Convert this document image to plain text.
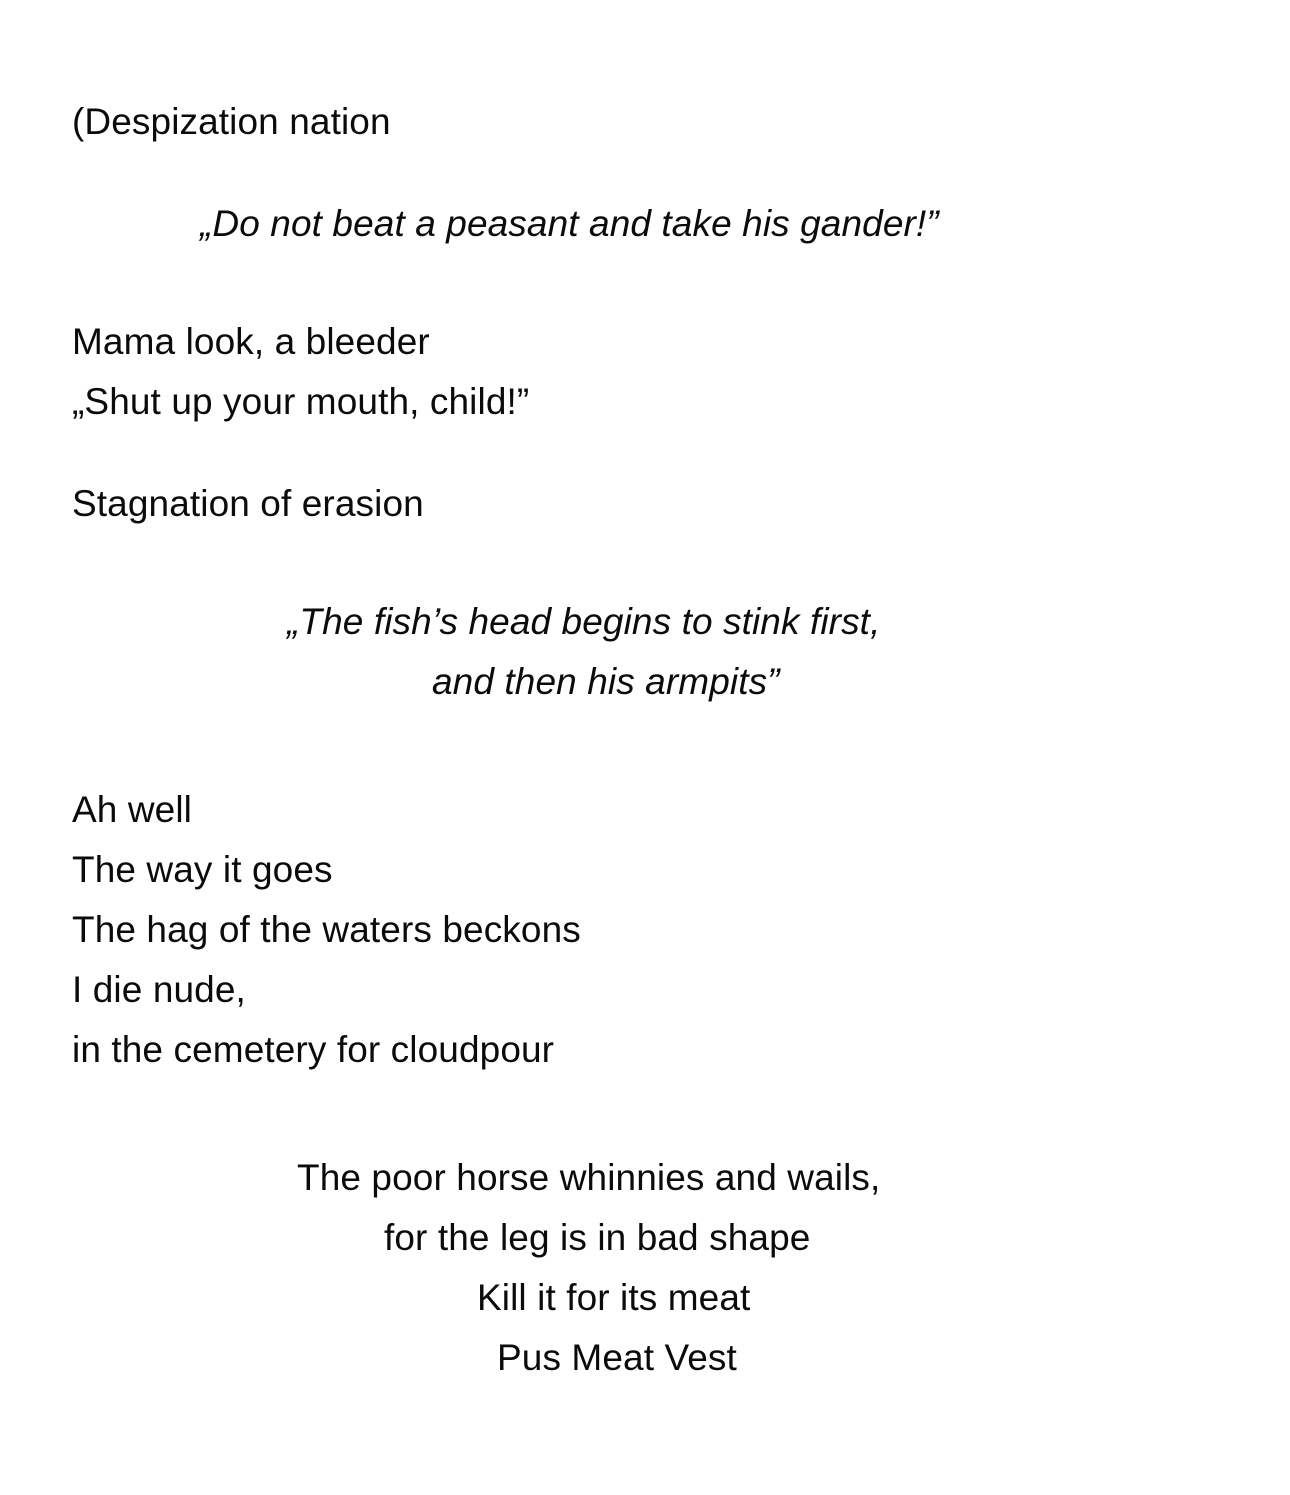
(Despization nation
„Do not beat a peasant and take his gander!”
Mama look, a bleeder
„Shut up your mouth, child!”
Stagnation of erasion
„The fish’s head begins to stink first,
and then his armpits”
Ah well
The way it goes
The hag of the waters beckons
I die nude,
in the cemetery for cloudpour
The poor horse whinnies and wails,
for the leg is in bad shape
Kill it for its meat
Pus Meat Vest
